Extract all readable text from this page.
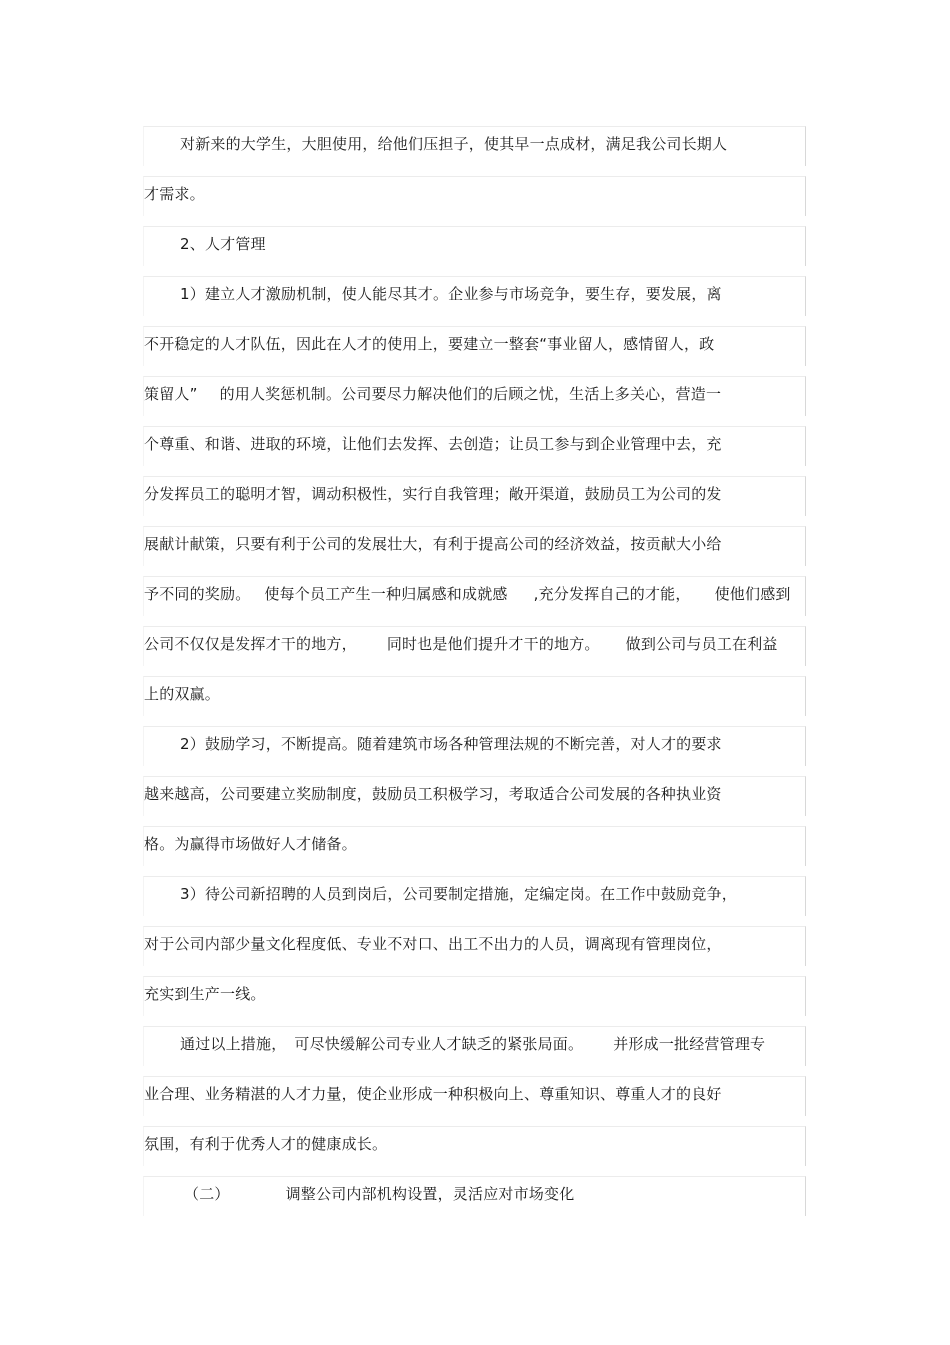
对新来的大学生，大胆使用，给他们压担子，使其早一点成材，满足我公司长期人
才需求。
2、人才管理
1）建立人才激励机制，使人能尽其才。企业参与市场竞争，要生存，要发展，离
不开稳定的人才队伍，因此在人才的使用上，要建立一整套“事业留人，感情留人，政
策留人” 的用人奖惩机制。公司要尽力解决他们的后顾之忧，生活上多关心，营造一
个尊重、和谐、进取的环境，让他们去发挥、去创造；让员工参与到企业管理中去，充
分发挥员工的聪明才智，调动积极性，实行自我管理；敞开渠道，鼓励员工为公司的发
展献计献策，只要有利于公司的发展壮大，有利于提高公司的经济效益，按贡献大小给
予不同的奖励。 使每个员工产生一种归属感和成就感 ,充分发挥自己的才能， 使他们感到
公司不仅仅是发挥才干的地方， 同时也是他们提升才干的地方。 做到公司与员工在利益
上的双赢。
2）鼓励学习，不断提高。随着建筑市场各种管理法规的不断完善，对人才的要求
越来越高，公司要建立奖励制度，鼓励员工积极学习，考取适合公司发展的各种执业资
格。为赢得市场做好人才储备。
3）待公司新招聘的人员到岗后，公司要制定措施，定编定岗。在工作中鼓励竞争，
对于公司内部少量文化程度低、专业不对口、出工不出力的人员，调离现有管理岗位，
充实到生产一线。
通过以上措施， 可尽快缓解公司专业人才缺乏的紧张局面。 并形成一批经营管理专
业合理、业务精湛的人才力量，使企业形成一种积极向上、尊重知识、尊重人才的良好
氛围，有利于优秀人才的健康成长。
（二）	调整公司内部机构设置，灵活应对市场变化
